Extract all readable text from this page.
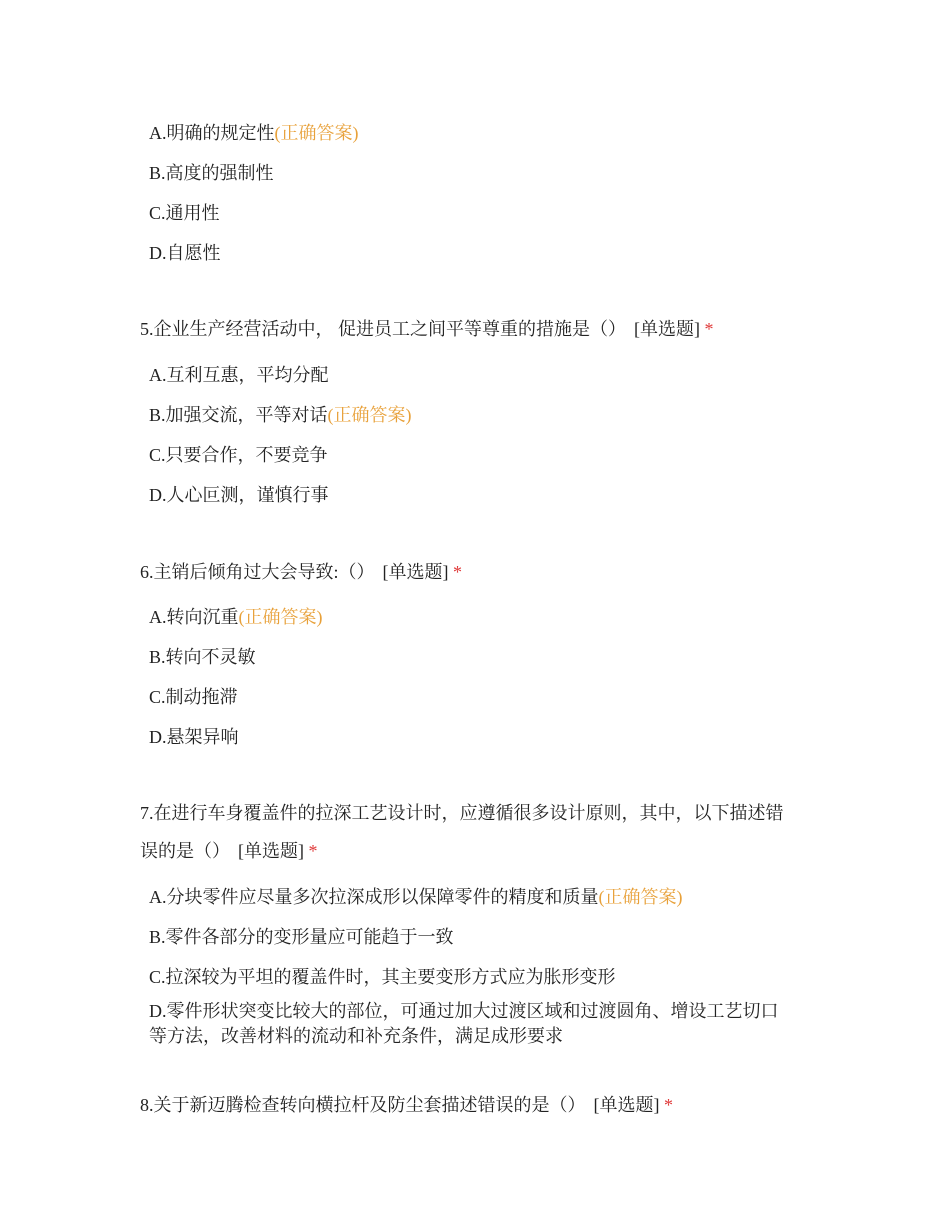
A.明确的规定性(正确答案)
B.高度的强制性
C.通用性
D.自愿性
5.企业生产经营活动中， 促进员工之间平等尊重的措施是（） [单选题] *
A.互利互惠，平均分配
B.加强交流，平等对话(正确答案)
C.只要合作，不要竞争
D.人心叵测，谨慎行事
6.主销后倾角过大会导致:（） [单选题] *
A.转向沉重(正确答案)
B.转向不灵敏
C.制动拖滞
D.悬架异响
7.在进行车身覆盖件的拉深工艺设计时，应遵循很多设计原则，其中，以下描述错
误的是（） [单选题] *
A.分块零件应尽量多次拉深成形以保障零件的精度和质量(正确答案)
B.零件各部分的变形量应可能趋于一致
C.拉深较为平坦的覆盖件时，其主要变形方式应为胀形变形
D.零件形状突变比较大的部位，可通过加大过渡区域和过渡圆角、增设工艺切口
等方法，改善材料的流动和补充条件，满足成形要求
8.关于新迈腾检查转向横拉杆及防尘套描述错误的是（） [单选题] *
